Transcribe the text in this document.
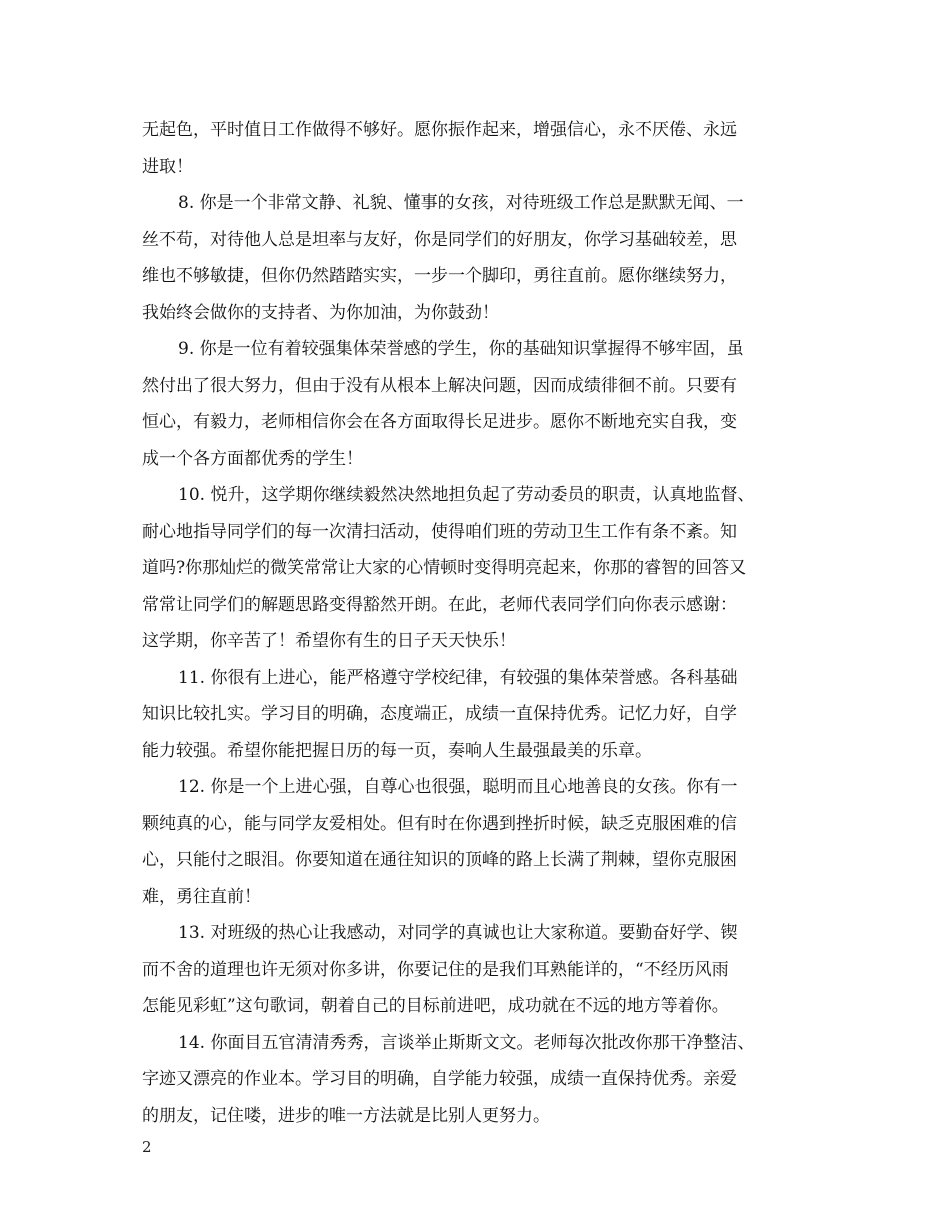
无起色，平时值日工作做得不够好。愿你振作起来，增强信心，永不厌倦、永远
进取！

8. 你是一个非常文静、礼貌、懂事的女孩，对待班级工作总是默默无闻、一
丝不苟，对待他人总是坦率与友好，你是同学们的好朋友，你学习基础较差，思
维也不够敏捷，但你仍然踏踏实实，一步一个脚印，勇往直前。愿你继续努力，
我始终会做你的支持者、为你加油，为你鼓劲！

9. 你是一位有着较强集体荣誉感的学生，你的基础知识掌握得不够牢固，虽
然付出了很大努力，但由于没有从根本上解决问题，因而成绩徘徊不前。只要有
恒心，有毅力，老师相信你会在各方面取得长足进步。愿你不断地充实自我，变
成一个各方面都优秀的学生！

10. 悦升，这学期你继续毅然决然地担负起了劳动委员的职责，认真地监督、
耐心地指导同学们的每一次清扫活动，使得咱们班的劳动卫生工作有条不紊。知
道吗?你那灿烂的微笑常常让大家的心情顿时变得明亮起来，你那的睿智的回答又
常常让同学们的解题思路变得豁然开朗。在此，老师代表同学们向你表示感谢：
这学期，你辛苦了！希望你有生的日子天天快乐！

11. 你很有上进心，能严格遵守学校纪律，有较强的集体荣誉感。各科基础
知识比较扎实。学习目的明确，态度端正，成绩一直保持优秀。记忆力好，自学
能力较强。希望你能把握日历的每一页，奏响人生最强最美的乐章。

12. 你是一个上进心强，自尊心也很强，聪明而且心地善良的女孩。你有一
颗纯真的心，能与同学友爱相处。但有时在你遇到挫折时候，缺乏克服困难的信
心，只能付之眼泪。你要知道在通往知识的顶峰的路上长满了荆棘，望你克服困
难，勇往直前！

13. 对班级的热心让我感动，对同学的真诚也让大家称道。要勤奋好学、锲
而不舍的道理也许无须对你多讲，你要记住的是我们耳熟能详的，“不经历风雨
怎能见彩虹”这句歌词，朝着自己的目标前进吧，成功就在不远的地方等着你。

14. 你面目五官清清秀秀，言谈举止斯斯文文。老师每次批改你那干净整洁、
字迹又漂亮的作业本。学习目的明确，自学能力较强，成绩一直保持优秀。亲爱
的朋友，记住喽，进步的唯一方法就是比别人更努力。

2
